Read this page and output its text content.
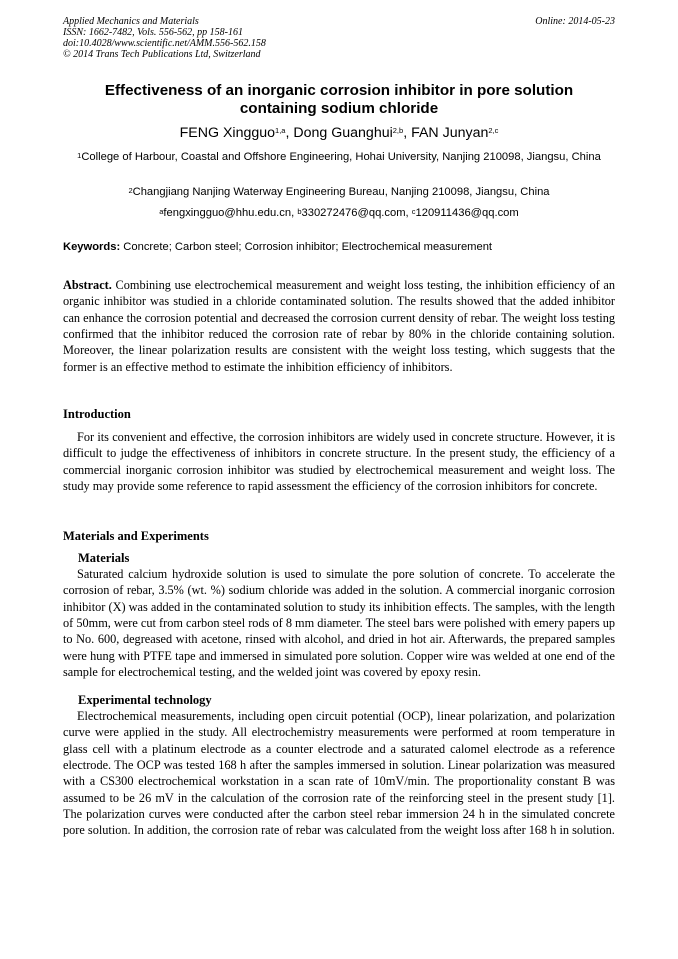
Applied Mechanics and Materials
ISSN: 1662-7482, Vols. 556-562, pp 158-161
doi:10.4028/www.scientific.net/AMM.556-562.158
© 2014 Trans Tech Publications Ltd, Switzerland
Online: 2014-05-23
Effectiveness of an inorganic corrosion inhibitor in pore solution
containing sodium chloride
FENG Xingguo$^{1,a}$, Dong Guanghui$^{2,b}$, FAN Junyan$^{2,c}$
$^1$College of Harbour, Coastal and Offshore Engineering, Hohai University, Nanjing 210098, Jiangsu, China
$^2$Changjiang Nanjing Waterway Engineering Bureau, Nanjing 210098, Jiangsu, China
$^a$fengxingguo@hhu.edu.cn, $^b$330272476@qq.com, $^c$120911436@qq.com
Keywords: Concrete; Carbon steel; Corrosion inhibitor; Electrochemical measurement
Abstract. Combining use electrochemical measurement and weight loss testing, the inhibition efficiency of an organic inhibitor was studied in a chloride contaminated solution. The results showed that the added inhibitor can enhance the corrosion potential and decreased the corrosion current density of rebar. The weight loss testing confirmed that the inhibitor reduced the corrosion rate of rebar by 80% in the chloride containing solution. Moreover, the linear polarization results are consistent with the weight loss testing, which suggests that the former is an effective method to estimate the inhibition efficiency of inhibitors.
Introduction
For its convenient and effective, the corrosion inhibitors are widely used in concrete structure. However, it is difficult to judge the effectiveness of inhibitors in concrete structure. In the present study, the efficiency of a commercial inorganic corrosion inhibitor was studied by electrochemical measurement and weight loss. The study may provide some reference to rapid assessment the efficiency of the corrosion inhibitors for concrete.
Materials and Experiments
Materials
Saturated calcium hydroxide solution is used to simulate the pore solution of concrete. To accelerate the corrosion of rebar, 3.5% (wt. %) sodium chloride was added in the solution. A commercial inorganic corrosion inhibitor (X) was added in the contaminated solution to study its inhibition effects. The samples, with the length of 50mm, were cut from carbon steel rods of 8 mm diameter. The steel bars were polished with emery papers up to No. 600, degreased with acetone, rinsed with alcohol, and dried in hot air. Afterwards, the prepared samples were hung with PTFE tape and immersed in simulated pore solution. Copper wire was welded at one end of the sample for electrochemical testing, and the welded joint was covered by epoxy resin.
Experimental technology
Electrochemical measurements, including open circuit potential (OCP), linear polarization, and polarization curve were applied in the study. All electrochemistry measurements were performed at room temperature in glass cell with a platinum electrode as a counter electrode and a saturated calomel electrode as a reference electrode. The OCP was tested 168 h after the samples immersed in solution. Linear polarization was measured with a CS300 electrochemical workstation in a scan rate of 10mV/min. The proportionality constant B was assumed to be 26 mV in the calculation of the corrosion rate of the reinforcing steel in the present study [1]. The polarization curves were conducted after the carbon steel rebar immersion 24 h in the simulated concrete pore solution. In addition, the corrosion rate of rebar was calculated from the weight loss after 168 h in solution.
